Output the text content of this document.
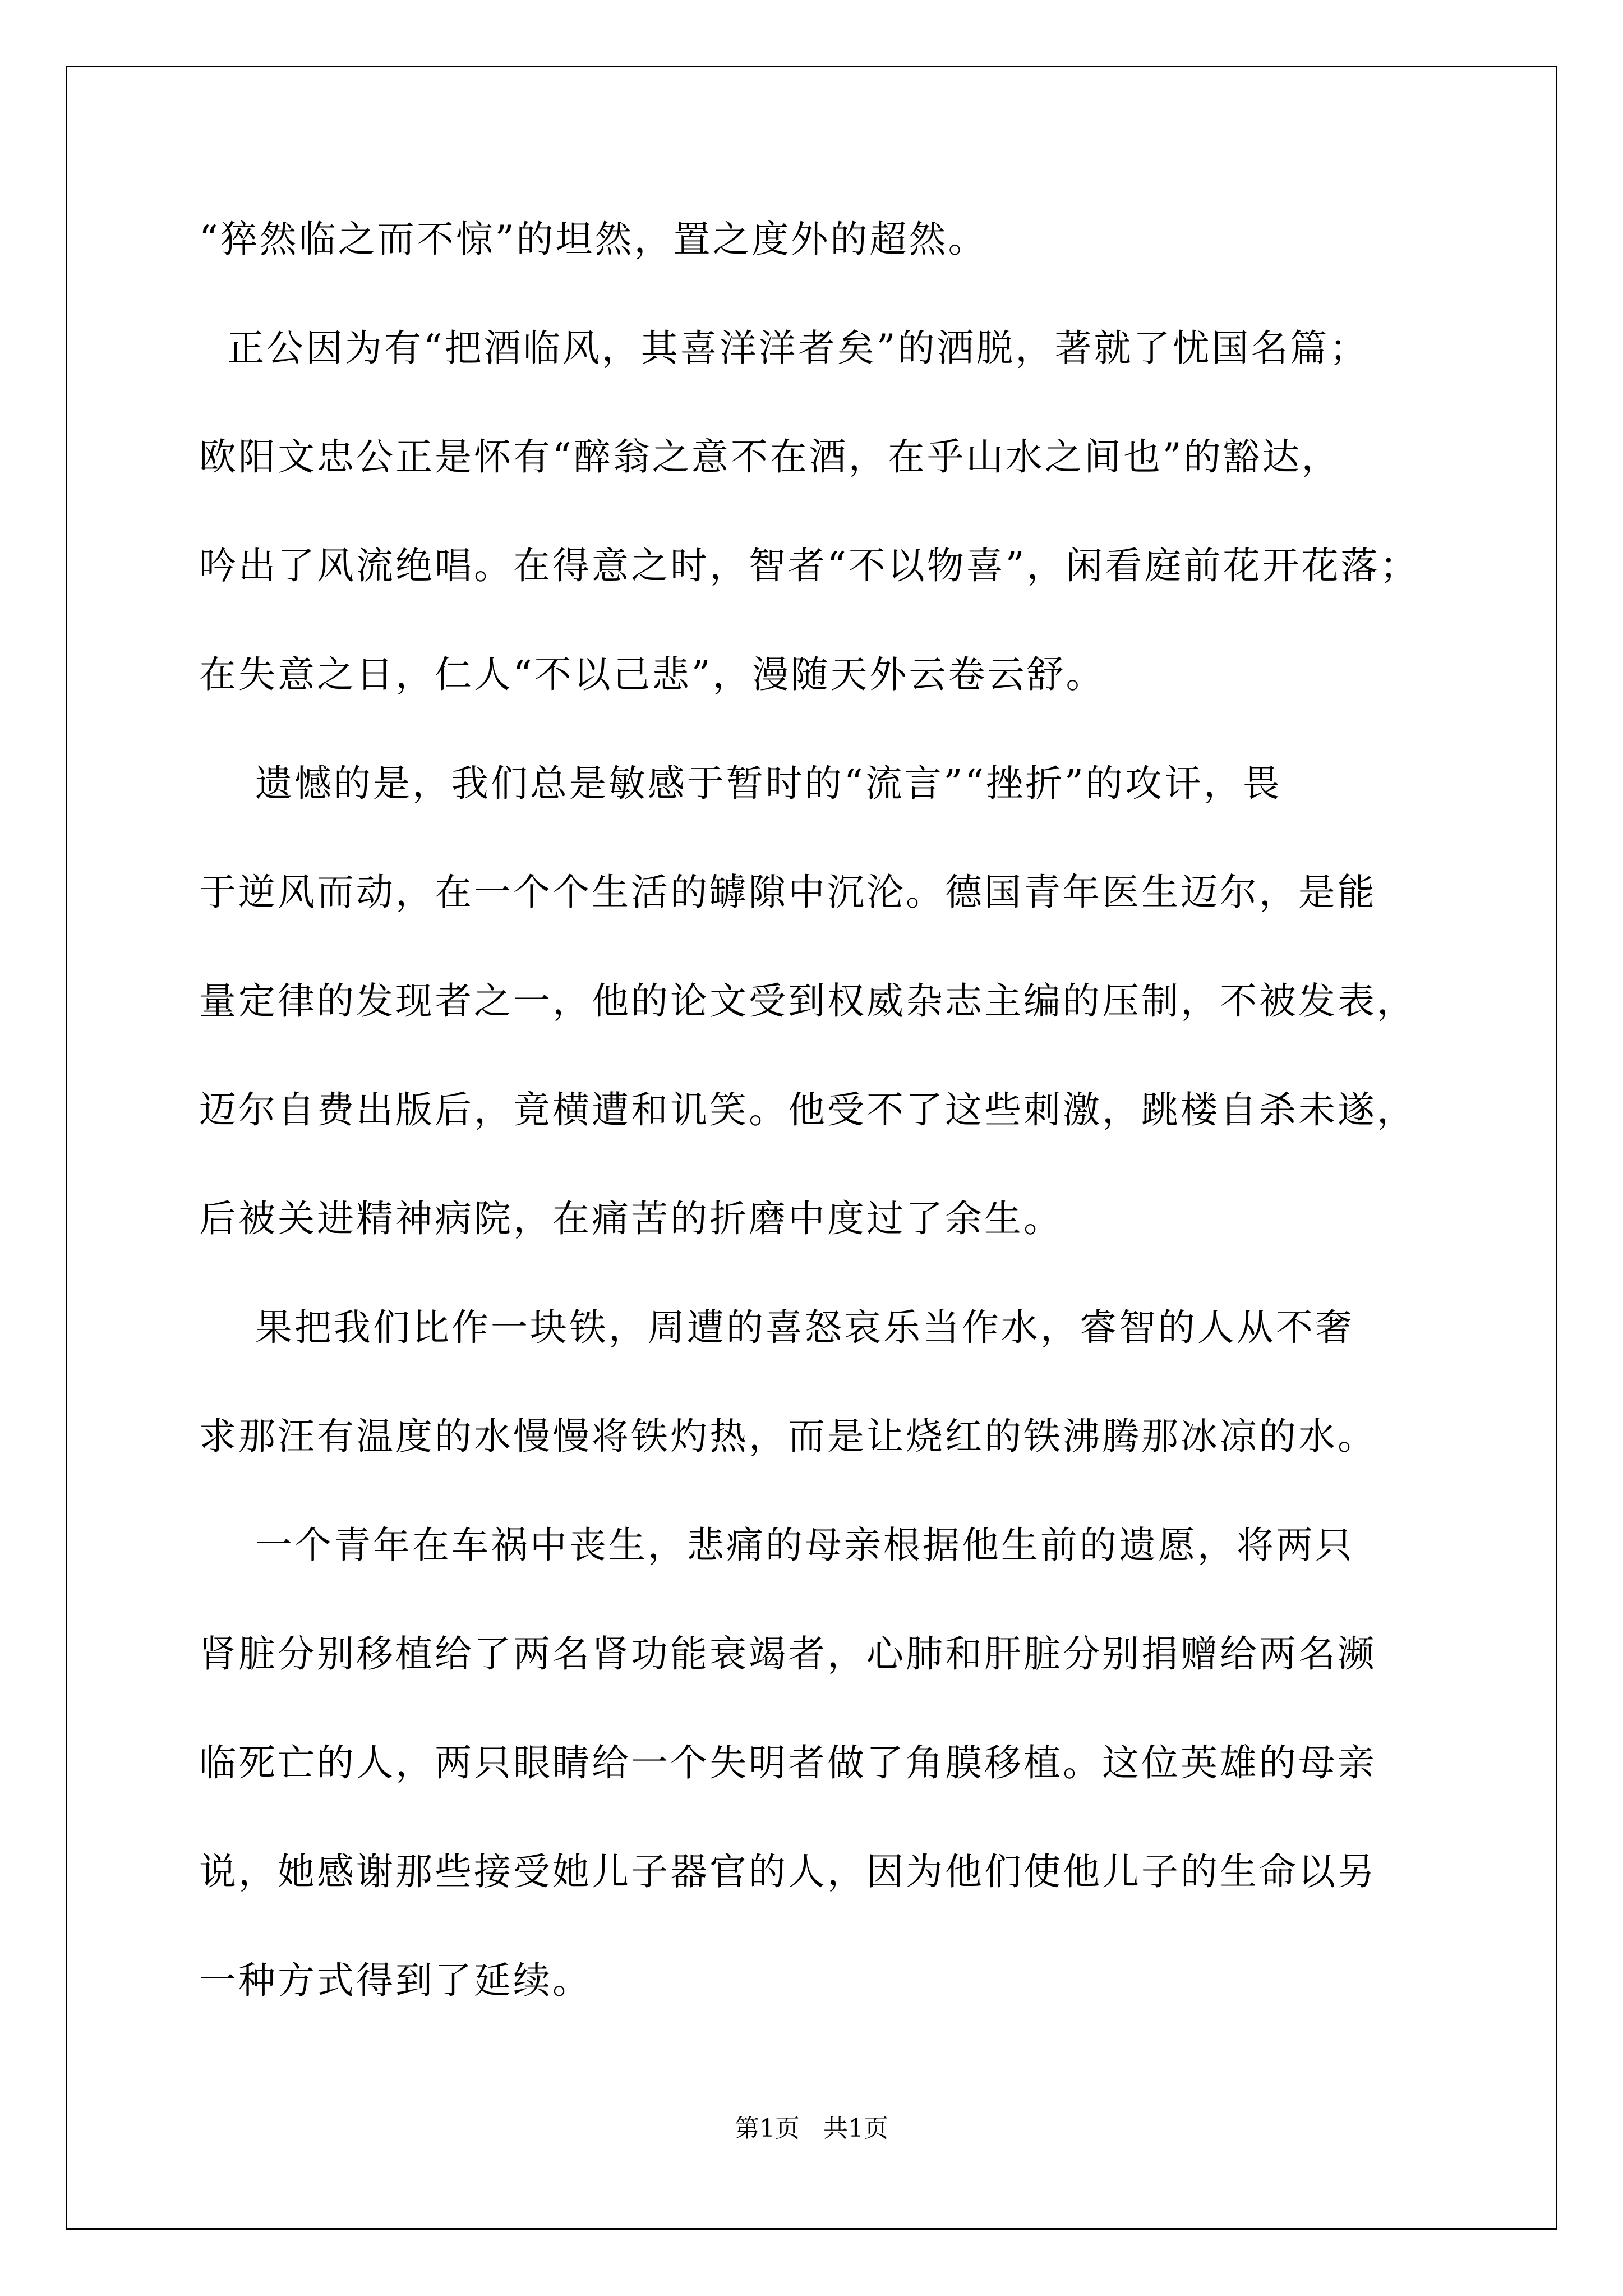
“猝然临之而不惊”的坦然，置之度外的超然。
正公因为有“把酒临风，其喜洋洋者矣”的洒脱，著就了忧国名篇；
欧阳文忠公正是怀有“醉翁之意不在酒，在乎山水之间也”的豁达，
吟出了风流绝唱。在得意之时，智者“不以物喜”，闲看庭前花开花落；
在失意之日，仁人“不以己悲”，漫随天外云卷云舒。
遗憾的是，我们总是敏感于暂时的“流言”“挫折”的攻讦，畏
于逆风而动，在一个个生活的罅隙中沉沦。德国青年医生迈尔，是能
量定律的发现者之一，他的论文受到权威杂志主编的压制，不被发表，
迈尔自费出版后，竟横遭和讥笑。他受不了这些刺激，跳楼自杀未遂，
后被关进精神病院，在痛苦的折磨中度过了余生。
果把我们比作一块铁，周遭的喜怒哀乐当作水，睿智的人从不奢
求那汪有温度的水慢慢将铁灼热，而是让烧红的铁沸腾那冰凉的水。
一个青年在车祸中丧生，悲痛的母亲根据他生前的遗愿，将两只
肾脏分别移植给了两名肾功能衰竭者，心肺和肝脏分别捐赠给两名濒
临死亡的人，两只眼睛给一个失明者做了角膜移植。这位英雄的母亲
说，她感谢那些接受她儿子器官的人，因为他们使他儿子的生命以另
一种方式得到了延续。
第1页   共1页
